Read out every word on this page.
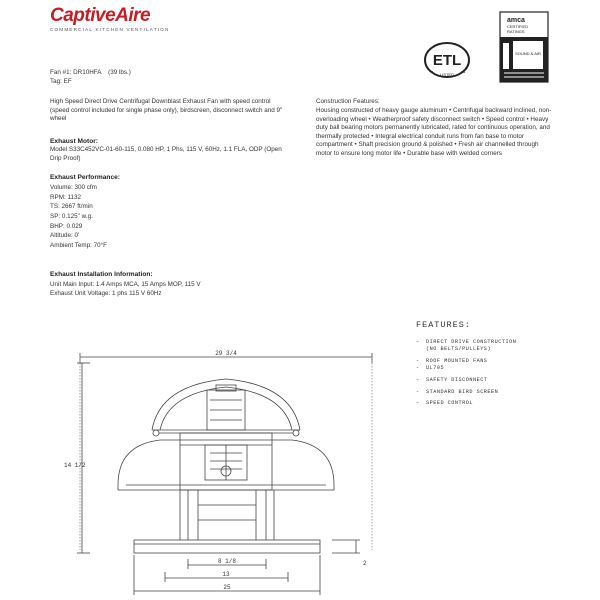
CaptiveAire
COMMERCIAL KITCHEN VENTILATION
ETL
c	us
LISTED
amca
CERTIFIED
RATINGS
SOUND & AIR
Fan #1: DR10HFA    (39 lbs.)
Tag: EF
High Speed Direct Drive Centrifugal Downblast Exhaust Fan with speed control (speed control included for single phase only), birdscreen, disconnect switch and 9" wheel
Exhaust Motor:
Model S33C452VC-01-60-115, 0.080 HP, 1 Phs, 115 V, 60Hz, 1.1 FLA, ODP (Open Drip Proof)
Exhaust Performance:
Volume: 300 cfm
RPM: 1132
TS: 2667 ft/min
SP: 0.125" w.g.
BHP: 0.029
Altitude: 0'
Ambient Temp: 70°F
Exhaust Installation Information:
Unit Main Input: 1.4 Amps MCA, 15 Amps MOP, 115 V
Exhaust Unit Voltage: 1 phs 115 V 60Hz
Construction Features:
Housing constructed of heavy gauge aluminum • Centrifugal backward inclined, non-overloading wheel • Weatherproof safety disconnect switch • Speed control • Heavy duty ball bearing motors permanently lubricated, rated for continuous operation, and thermally protected • Integral electrical conduit runs from fan base to motor compartment • Shaft precision ground & polished • Fresh air channelled through motor to ensure long motor life • Durable base with welded corners
FEATURES:
- DIRECT DRIVE CONSTRUCTION
(NO BELTS/PULLEYS)
- ROOF MOUNTED FANS
- UL705
- SAFETY DISCONNECT
- STANDARD BIRD SCREEN
- SPEED CONTROL
29 3/4
14 1/2
8 1/8
13
25
2
